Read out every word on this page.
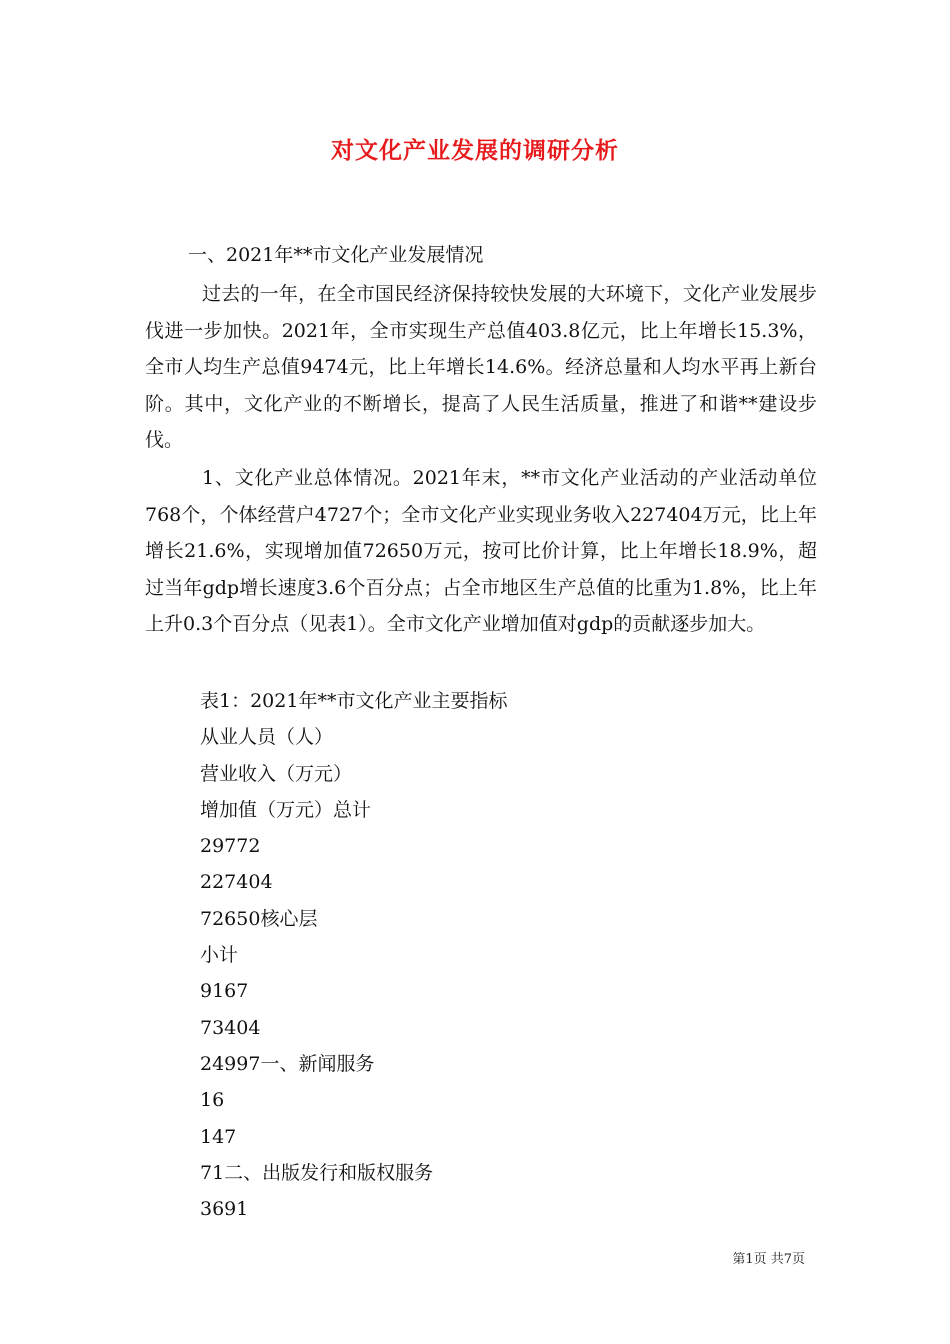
对文化产业发展的调研分析

一、2021年**市文化产业发展情况

过去的一年，在全市国民经济保持较快发展的大环境下，文化产业发展步伐进一步加快。2021年，全市实现生产总值403.8亿元，比上年增长15.3%，全市人均生产总值9474元，比上年增长14.6%。经济总量和人均水平再上新台阶。其中，文化产业的不断增长，提高了人民生活质量，推进了和谐**建设步伐。

1、文化产业总体情况。2021年末，**市文化产业活动的产业活动单位768个，个体经营户4727个；全市文化产业实现业务收入227404万元，比上年增长21.6%，实现增加值72650万元，按可比价计算，比上年增长18.9%，超过当年gdp增长速度3.6个百分点；占全市地区生产总值的比重为1.8%，比上年上升0.3个百分点（见表1）。全市文化产业增加值对gdp的贡献逐步加大。

表1：2021年**市文化产业主要指标
从业人员（人）
营业收入（万元）
增加值（万元）总计
29772
227404
72650核心层
小计
9167
73404
24997一、新闻服务
16
147
71二、出版发行和版权服务
3691

第1页 共7页
